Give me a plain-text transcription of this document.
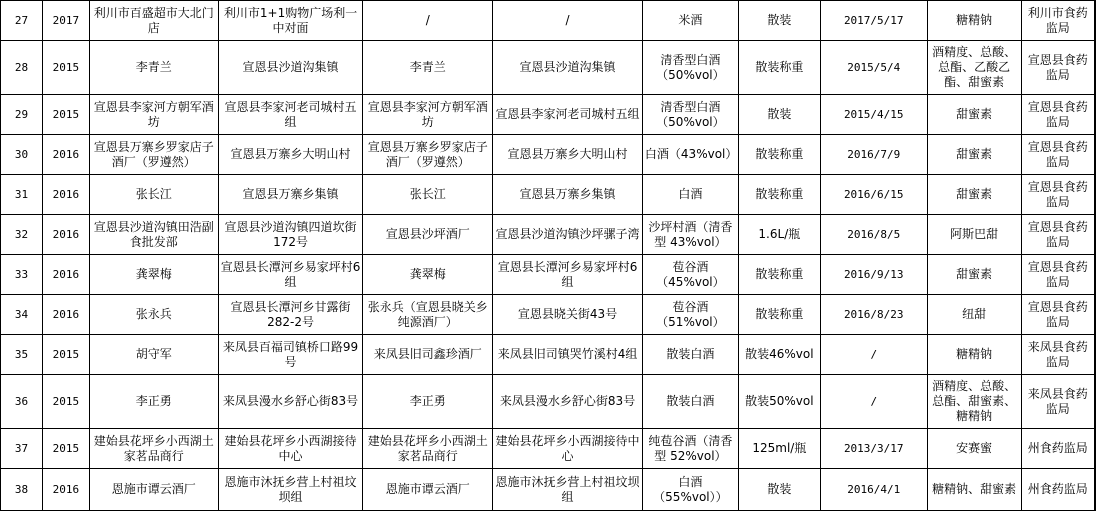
27	2017	利川市百盛超市大北门店	利川市1+1购物广场利一中对面	/	/	米酒	散装	2017/5/17	糖精钠	利川市食药监局
28	2015	李青兰	宣恩县沙道沟集镇	李青兰	宣恩县沙道沟集镇	清香型白酒（50%vol）	散装称重	2015/5/4	酒精度、总酸、总酯、乙酸乙酯、甜蜜素	宣恩县食药监局
29	2015	宣恩县李家河方朝军酒坊	宣恩县李家河老司城村五组	宣恩县李家河方朝军酒坊	宣恩县李家河老司城村五组	清香型白酒（50%vol）	散装	2015/4/15	甜蜜素	宣恩县食药监局
30	2016	宣恩县万寨乡罗家店子酒厂（罗遵然）	宣恩县万寨乡大明山村	宣恩县万寨乡罗家店子酒厂（罗遵然）	宣恩县万寨乡大明山村	白酒（43%vol）	散装称重	2016/7/9	甜蜜素	宣恩县食药监局
31	2016	张长江	宣恩县万寨乡集镇	张长江	宣恩县万寨乡集镇	白酒	散装称重	2016/6/15	甜蜜素	宣恩县食药监局
32	2016	宣恩县沙道沟镇田浩副食批发部	宣恩县沙道沟镇四道坎街172号	宣恩县沙坪酒厂	宣恩县沙道沟镇沙坪骡子湾	沙坪村酒（清香型 43%vol）	1.6L/瓶	2016/8/5	阿斯巴甜	宣恩县食药监局
33	2016	龚翠梅	宣恩县长潭河乡易家坪村6组	龚翠梅	宣恩县长潭河乡易家坪村6组	苞谷酒（45%vol）	散装称重	2016/9/13	甜蜜素	宣恩县食药监局
34	2016	张永兵	宣恩县长潭河乡甘露街282-2号	张永兵（宣恩县晓关乡纯源酒厂）	宣恩县晓关街43号	苞谷酒（51%vol）	散装称重	2016/8/23	纽甜	宣恩县食药监局
35	2015	胡守军	来凤县百福司镇桥口路99号	来凤县旧司鑫珍酒厂	来凤县旧司镇哭竹溪村4组	散装白酒	散装46%vol	/	糖精钠	来凤县食药监局
36	2015	李正勇	来凤县漫水乡舒心街83号	李正勇	来凤县漫水乡舒心街83号	散装白酒	散装50%vol	/	酒精度、总酸、总酯、甜蜜素、糖精钠	来凤县食药监局
37	2015	建始县花坪乡小西湖土家茗品商行	建始县花坪乡小西湖接待中心	建始县花坪乡小西湖土家茗品商行	建始县花坪乡小西湖接待中心	纯苞谷酒（清香型 52%vol）	125ml/瓶	2013/3/17	安赛蜜	州食药监局
38	2016	恩施市谭云酒厂	恩施市沐抚乡营上村祖坟坝组	恩施市谭云酒厂	恩施市沐抚乡营上村祖坟坝组	白酒（55%vol））	散装	2016/4/1	糖精钠、甜蜜素	州食药监局
